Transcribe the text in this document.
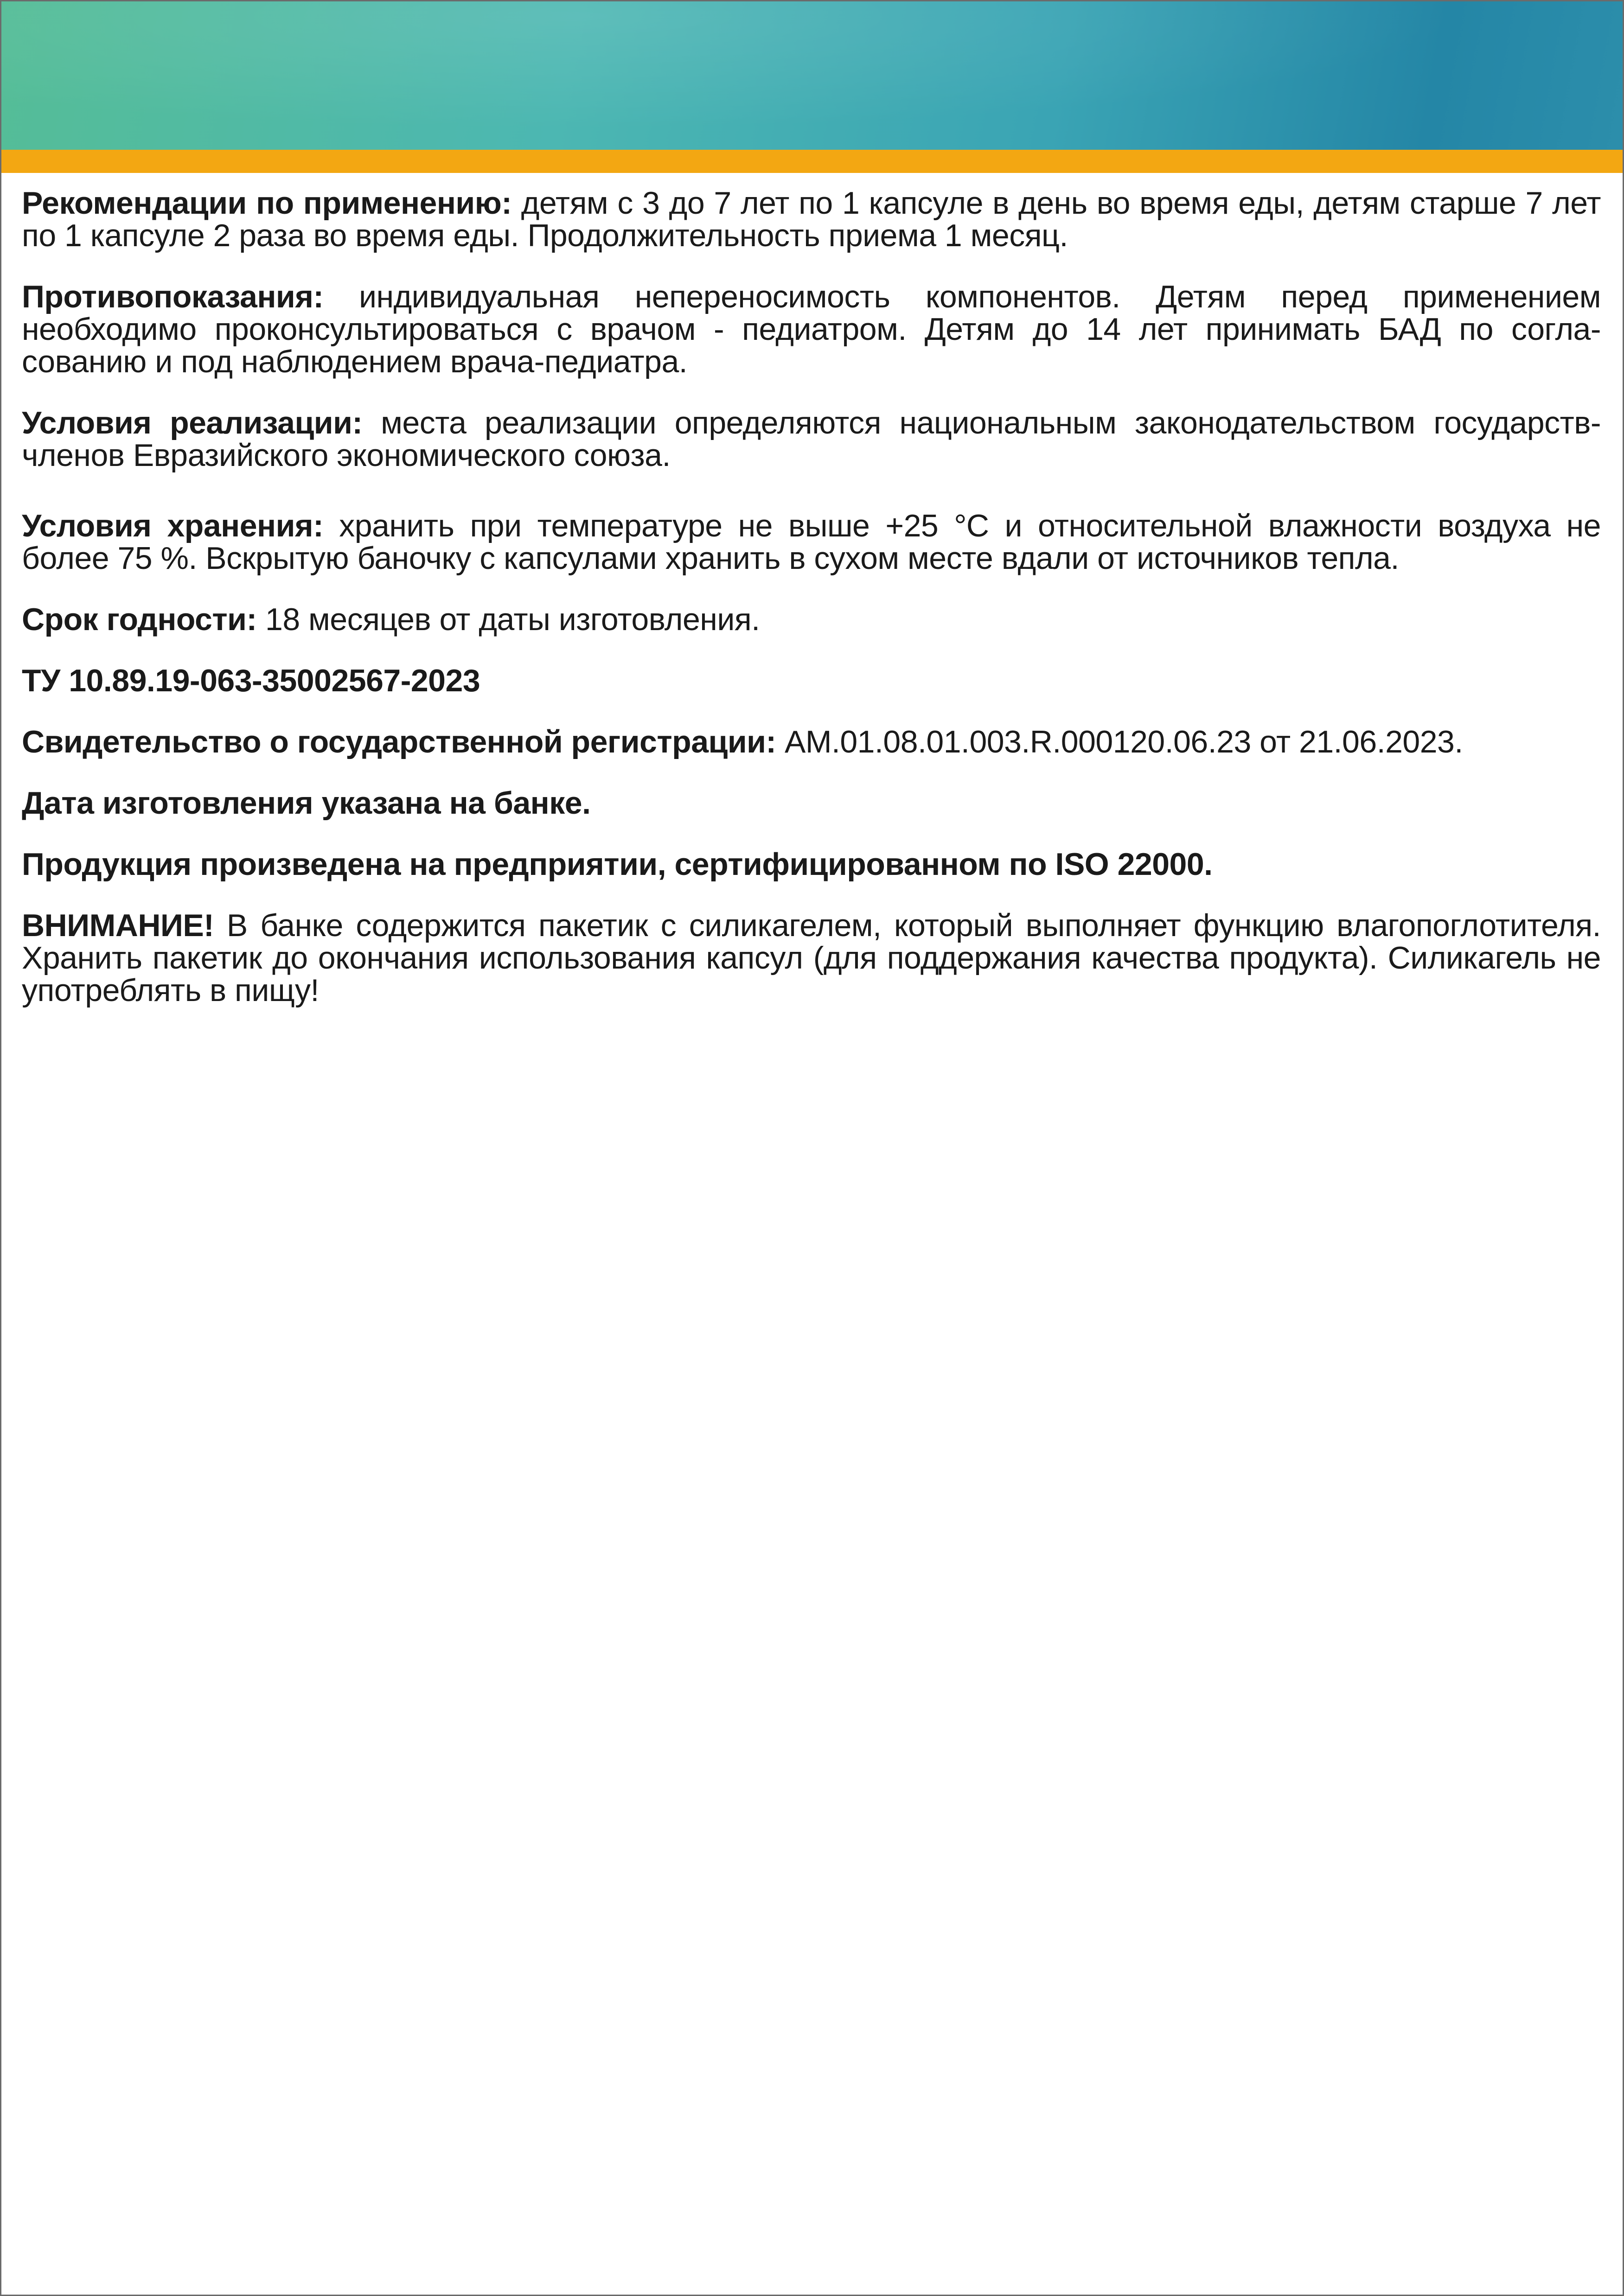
Рекомендации по применению: детям с 3 до 7 лет по 1 капсуле в день во время еды, детям старше 7 лет по 1 капсуле 2 раза во время еды. Продолжительность приема 1 месяц.

Противопоказания: индивидуальная непереносимость компонентов. Детям перед применением необходимо проконсультироваться с врачом - педиатром. Детям до 14 лет принимать БАД по согла-сованию и под наблюдением врача-педиатра.

Условия реализации: места реализации определяются национальным законодательством государств-членов Евразийского экономического союза.

Условия хранения: хранить при температуре не выше +25 °С и относительной влажности воздуха не более 75 %. Вскрытую баночку с капсулами хранить в сухом месте вдали от источников тепла.

Срок годности: 18 месяцев от даты изготовления.

ТУ 10.89.19-063-35002567-2023

Свидетельство о государственной регистрации: AM.01.08.01.003.R.000120.06.23 от 21.06.2023.

Дата изготовления указана на банке.

Продукция произведена на предприятии, сертифицированном по ISO 22000.

ВНИМАНИЕ! В банке содержится пакетик с силикагелем, который выполняет функцию влагопоглотителя. Хранить пакетик до окончания использования капсул (для поддержания качества продукта). Силикагель не употреблять в пищу!
